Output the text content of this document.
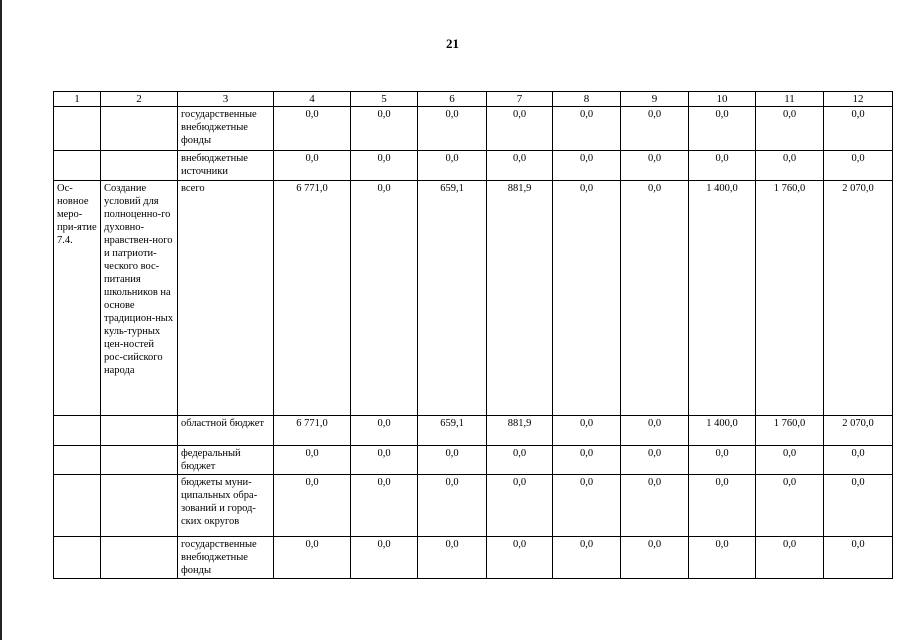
21
1	2	3	4	5	6	7	8	9	10	11	12
		государственные внебюджетные фонды	0,0	0,0	0,0	0,0	0,0	0,0	0,0	0,0	0,0
		внебюджетные источники	0,0	0,0	0,0	0,0	0,0	0,0	0,0	0,0	0,0
Ос-новное меро-при-ятие 7.4.	Создание условий для полноценно-го духовно-нравствен-ного и патриоти-ческого вос-питания школьников на основе традицион-ных куль-турных цен-ностей рос-сийского народа	всего	6 771,0	0,0	659,1	881,9	0,0	0,0	1 400,0	1 760,0	2 070,0
		областной бюджет	6 771,0	0,0	659,1	881,9	0,0	0,0	1 400,0	1 760,0	2 070,0
		федеральный бюджет	0,0	0,0	0,0	0,0	0,0	0,0	0,0	0,0	0,0
		бюджеты муни-ципальных обра-зований и город-ских округов	0,0	0,0	0,0	0,0	0,0	0,0	0,0	0,0	0,0
		государственные внебюджетные фонды	0,0	0,0	0,0	0,0	0,0	0,0	0,0	0,0	0,0
